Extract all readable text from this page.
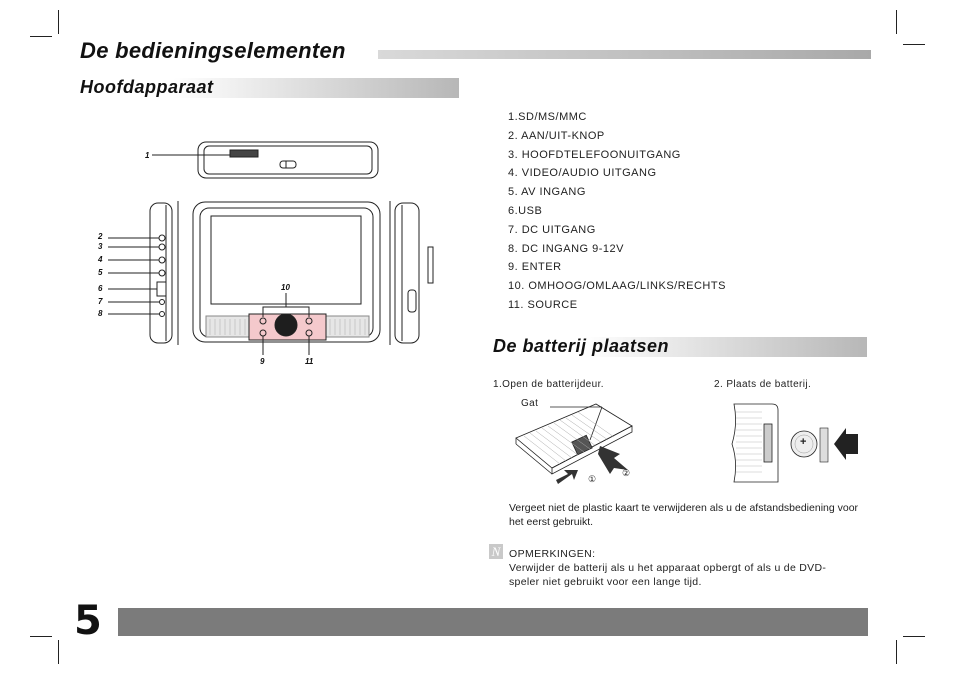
De bedieningselementen
Hoofdapparaat
1
2
3
4
5
6
7
8
9
10
11
1.SD/MS/MMC
2. AAN/UIT-KNOP
3. HOOFDTELEFOONUITGANG
4. VIDEO/AUDIO UITGANG
5. AV INGANG
6.USB
7. DC UITGANG
8. DC INGANG 9-12V
9. ENTER
10. OMHOOG/OMLAAG/LINKS/RECHTS
11. SOURCE
De batterij plaatsen
1.Open de batterijdeur.	2. Plaats de batterij.
Gat
①
②
+
Vergeet niet de plastic kaart te verwijderen als u de afstandsbediening voor het eerst gebruikt.
N OPMERKINGEN:
Verwijder de batterij als u het apparaat opbergt of als u de DVD-speler niet gebruikt voor een lange tijd.
5
